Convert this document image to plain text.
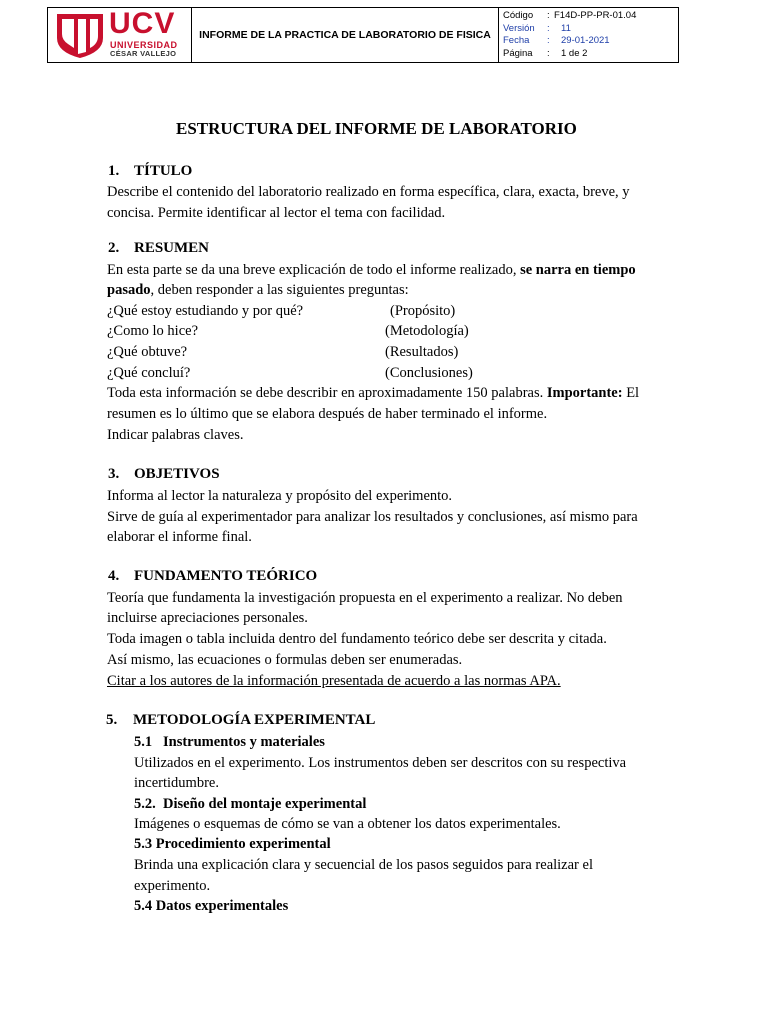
UCV
UNIVERSIDAD
CÉSAR VALLEJO
INFORME DE LA PRACTICA DE LABORATORIO DE FISICA
Código	: F14D-PP-PR-01.04
Versión	:	11
Fecha	:	29-01-2021
Página	:	1 de 2
ESTRUCTURA DEL INFORME DE LABORATORIO
1. TÍTULO
Describe el contenido del laboratorio realizado en forma específica, clara, exacta, breve, y
concisa. Permite identificar al lector el tema con facilidad.
2. RESUMEN
En esta parte se da una breve explicación de todo el informe realizado, se narra en tiempo
pasado, deben responder a las siguientes preguntas:
¿Qué estoy estudiando y por qué?	(Propósito)
¿Como lo hice?	(Metodología)
¿Qué obtuve?	(Resultados)
¿Qué concluí?	(Conclusiones)
Toda esta información se debe describir en aproximadamente 150 palabras. Importante: El
resumen es lo último que se elabora después de haber terminado el informe.
Indicar palabras claves.
3. OBJETIVOS
Informa al lector la naturaleza y propósito del experimento.
Sirve de guía al experimentador para analizar los resultados y conclusiones, así mismo para
elaborar el informe final.
4. FUNDAMENTO TEÓRICO
Teoría que fundamenta la investigación propuesta en el experimento a realizar. No deben
incluirse apreciaciones personales.
Toda imagen o tabla incluida dentro del fundamento teórico debe ser descrita y citada.
Así mismo, las ecuaciones o formulas deben ser enumeradas.
Citar a los autores de la información presentada de acuerdo a las normas APA.
5. METODOLOGÍA EXPERIMENTAL
5.1   Instrumentos y materiales
Utilizados en el experimento. Los instrumentos deben ser descritos con su respectiva
incertidumbre.
5.2.  Diseño del montaje experimental
Imágenes o esquemas de cómo se van a obtener los datos experimentales.
5.3 Procedimiento experimental
Brinda una explicación clara y secuencial de los pasos seguidos para realizar el
experimento.
5.4 Datos experimentales
